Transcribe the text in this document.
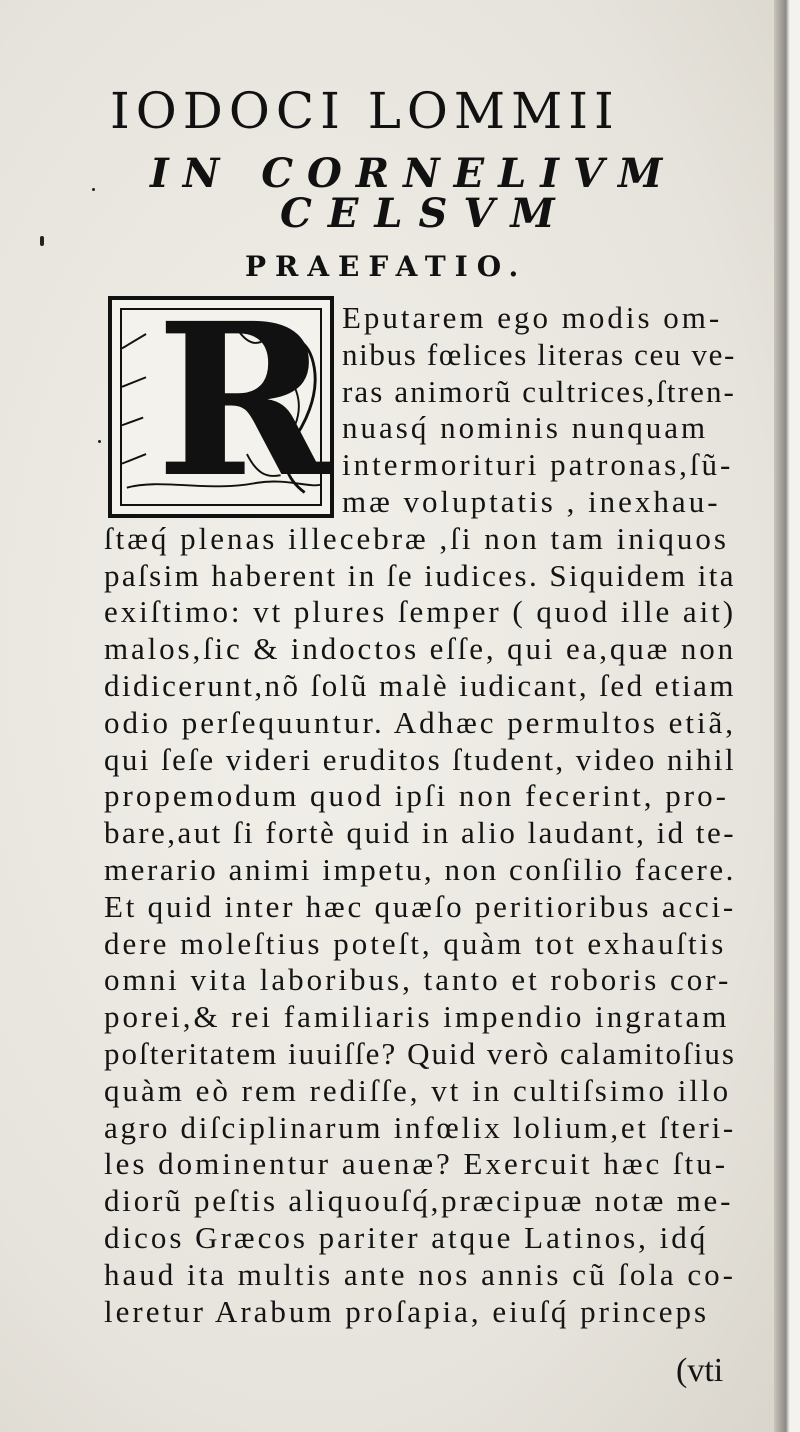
IODOCI LOMMII
IN CORNELIVM
CELSVM
PRAEFATIO.
R Eputarem ego modis om-
nibus fœlices literas ceu ve-
ras animorũ cultrices,ſtren-
nuasq́ nominis nunquam
intermorituri patronas,ſũ-
mæ voluptatis , inexhau-
ſtæq́ plenas illecebræ ,ſi non tam iniquos
paſsim haberent in ſe iudices. Siquidem ita
exiſtimo: vt plures ſemper ( quod ille ait)
malos,ſic & indoctos eſſe, qui ea,quæ non
didicerunt,nõ ſolũ malè iudicant, ſed etiam
odio perſequuntur. Adhæc permultos etiã,
qui ſeſe videri eruditos ſtudent, video nihil
propemodum quod ipſi non fecerint, pro-
bare,aut ſi fortè quid in alio laudant, id te-
merario animi impetu, non conſilio facere.
Et quid inter hæc quæſo peritioribus acci-
dere moleſtius poteſt, quàm tot exhauſtis
omni vita laboribus, tanto et roboris cor-
porei,& rei familiaris impendio ingratam
poſteritatem iuuiſſe? Quid verò calamitoſius
quàm eò rem rediſſe, vt in cultiſsimo illo
agro diſciplinarum infœlix lolium,et ſteri-
les dominentur auenæ? Exercuit hæc ſtu-
diorũ peſtis aliquouſq́,præcipuæ notæ me-
dicos Græcos pariter atque Latinos, idq́
haud ita multis ante nos annis cũ ſola co-
leretur Arabum proſapia, eiuſq́ princeps
(vti
